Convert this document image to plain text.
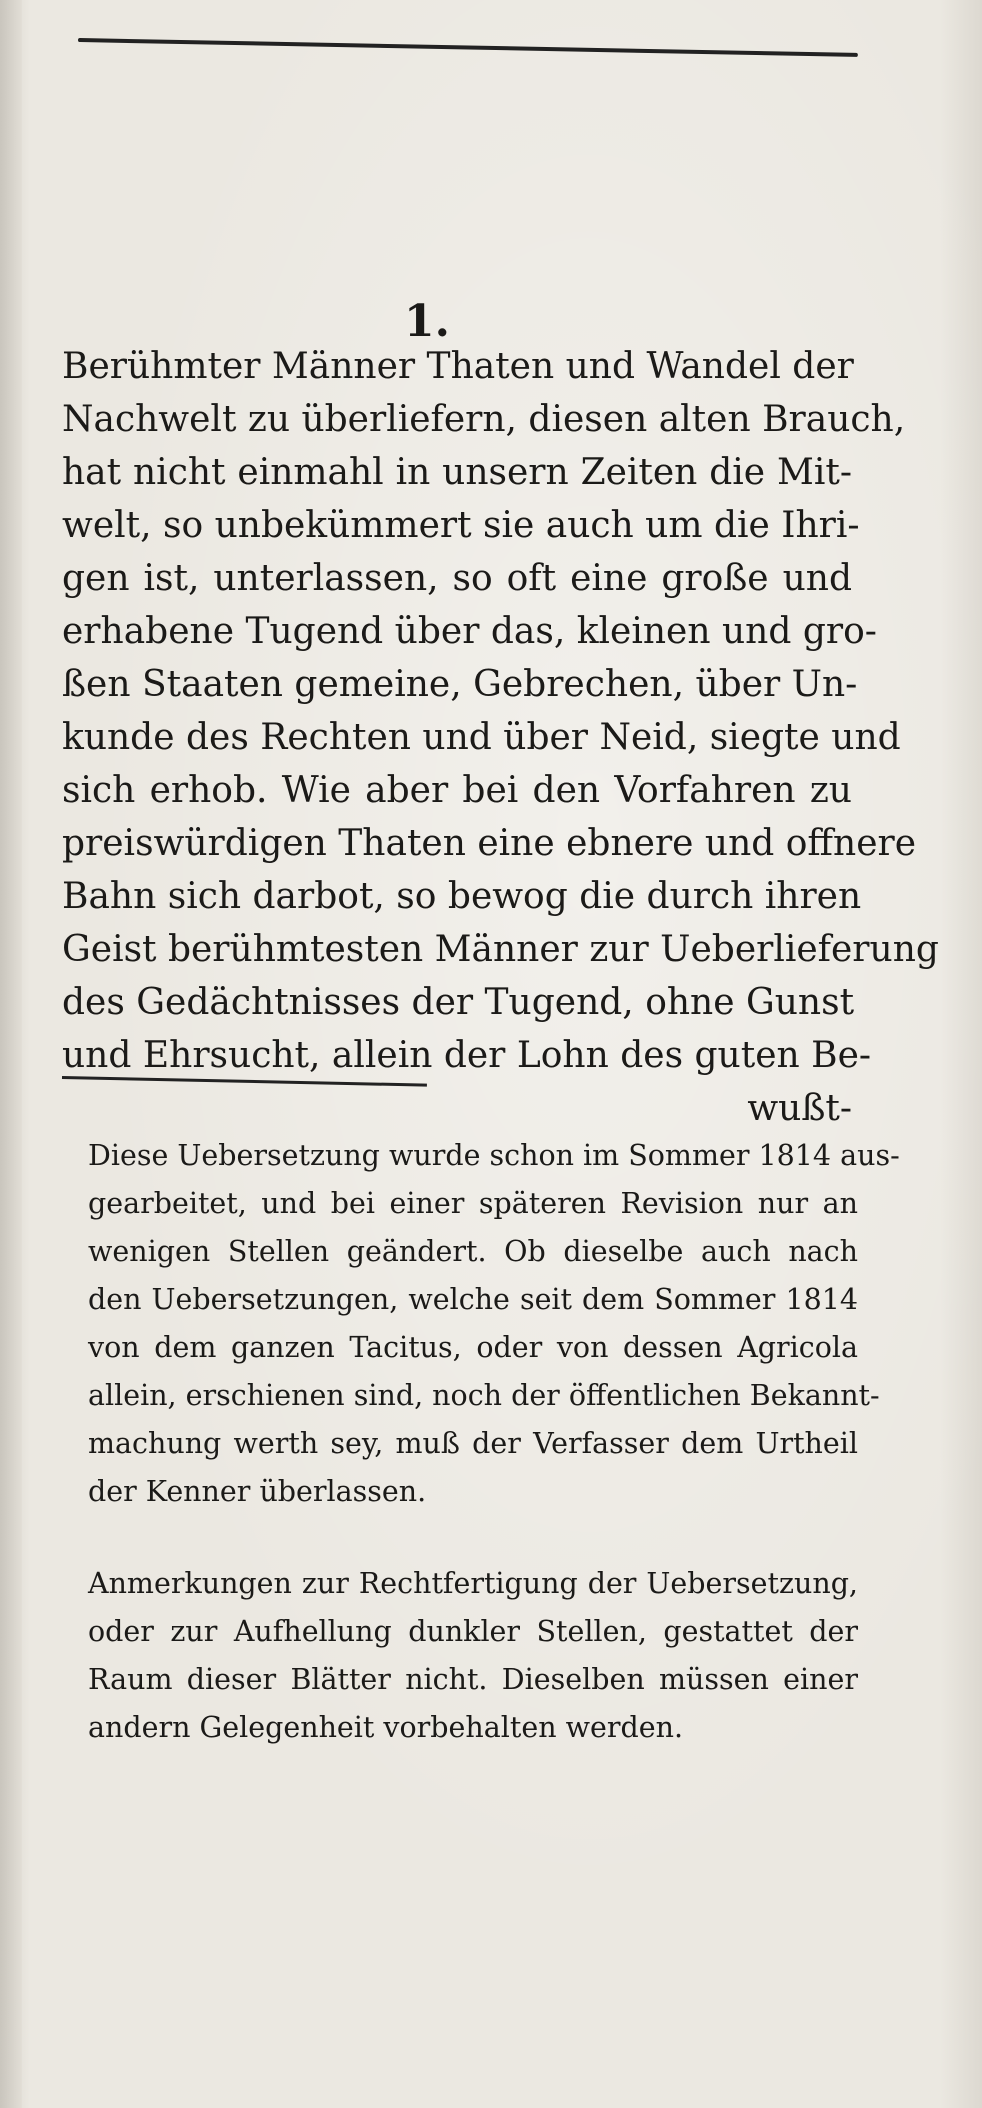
1.
Berühmter Männer Thaten und Wandel der
Nachwelt zu überliefern, diesen alten Brauch,
hat nicht einmahl in unsern Zeiten die Mit-
welt, so unbekümmert sie auch um die Ihri-
gen ist, unterlassen, so oft eine große und
erhabene Tugend über das, kleinen und gro-
ßen Staaten gemeine, Gebrechen, über Un-
kunde des Rechten und über Neid, siegte und
sich erhob. Wie aber bei den Vorfahren zu
preiswürdigen Thaten eine ebnere und offnere
Bahn sich darbot, so bewog die durch ihren
Geist berühmtesten Männer zur Ueberlieferung
des Gedächtnisses der Tugend, ohne Gunst
und Ehrsucht, allein der Lohn des guten Be-
wußt-
Diese Uebersetzung wurde schon im Sommer 1814 aus-
gearbeitet, und bei einer späteren Revision nur an
wenigen Stellen geändert. Ob dieselbe auch nach
den Uebersetzungen, welche seit dem Sommer 1814
von dem ganzen Tacitus, oder von dessen Agricola
allein, erschienen sind, noch der öffentlichen Bekannt-
machung werth sey, muß der Verfasser dem Urtheil
der Kenner überlassen.
Anmerkungen zur Rechtfertigung der Uebersetzung,
oder zur Aufhellung dunkler Stellen, gestattet der
Raum dieser Blätter nicht. Dieselben müssen einer
andern Gelegenheit vorbehalten werden.
